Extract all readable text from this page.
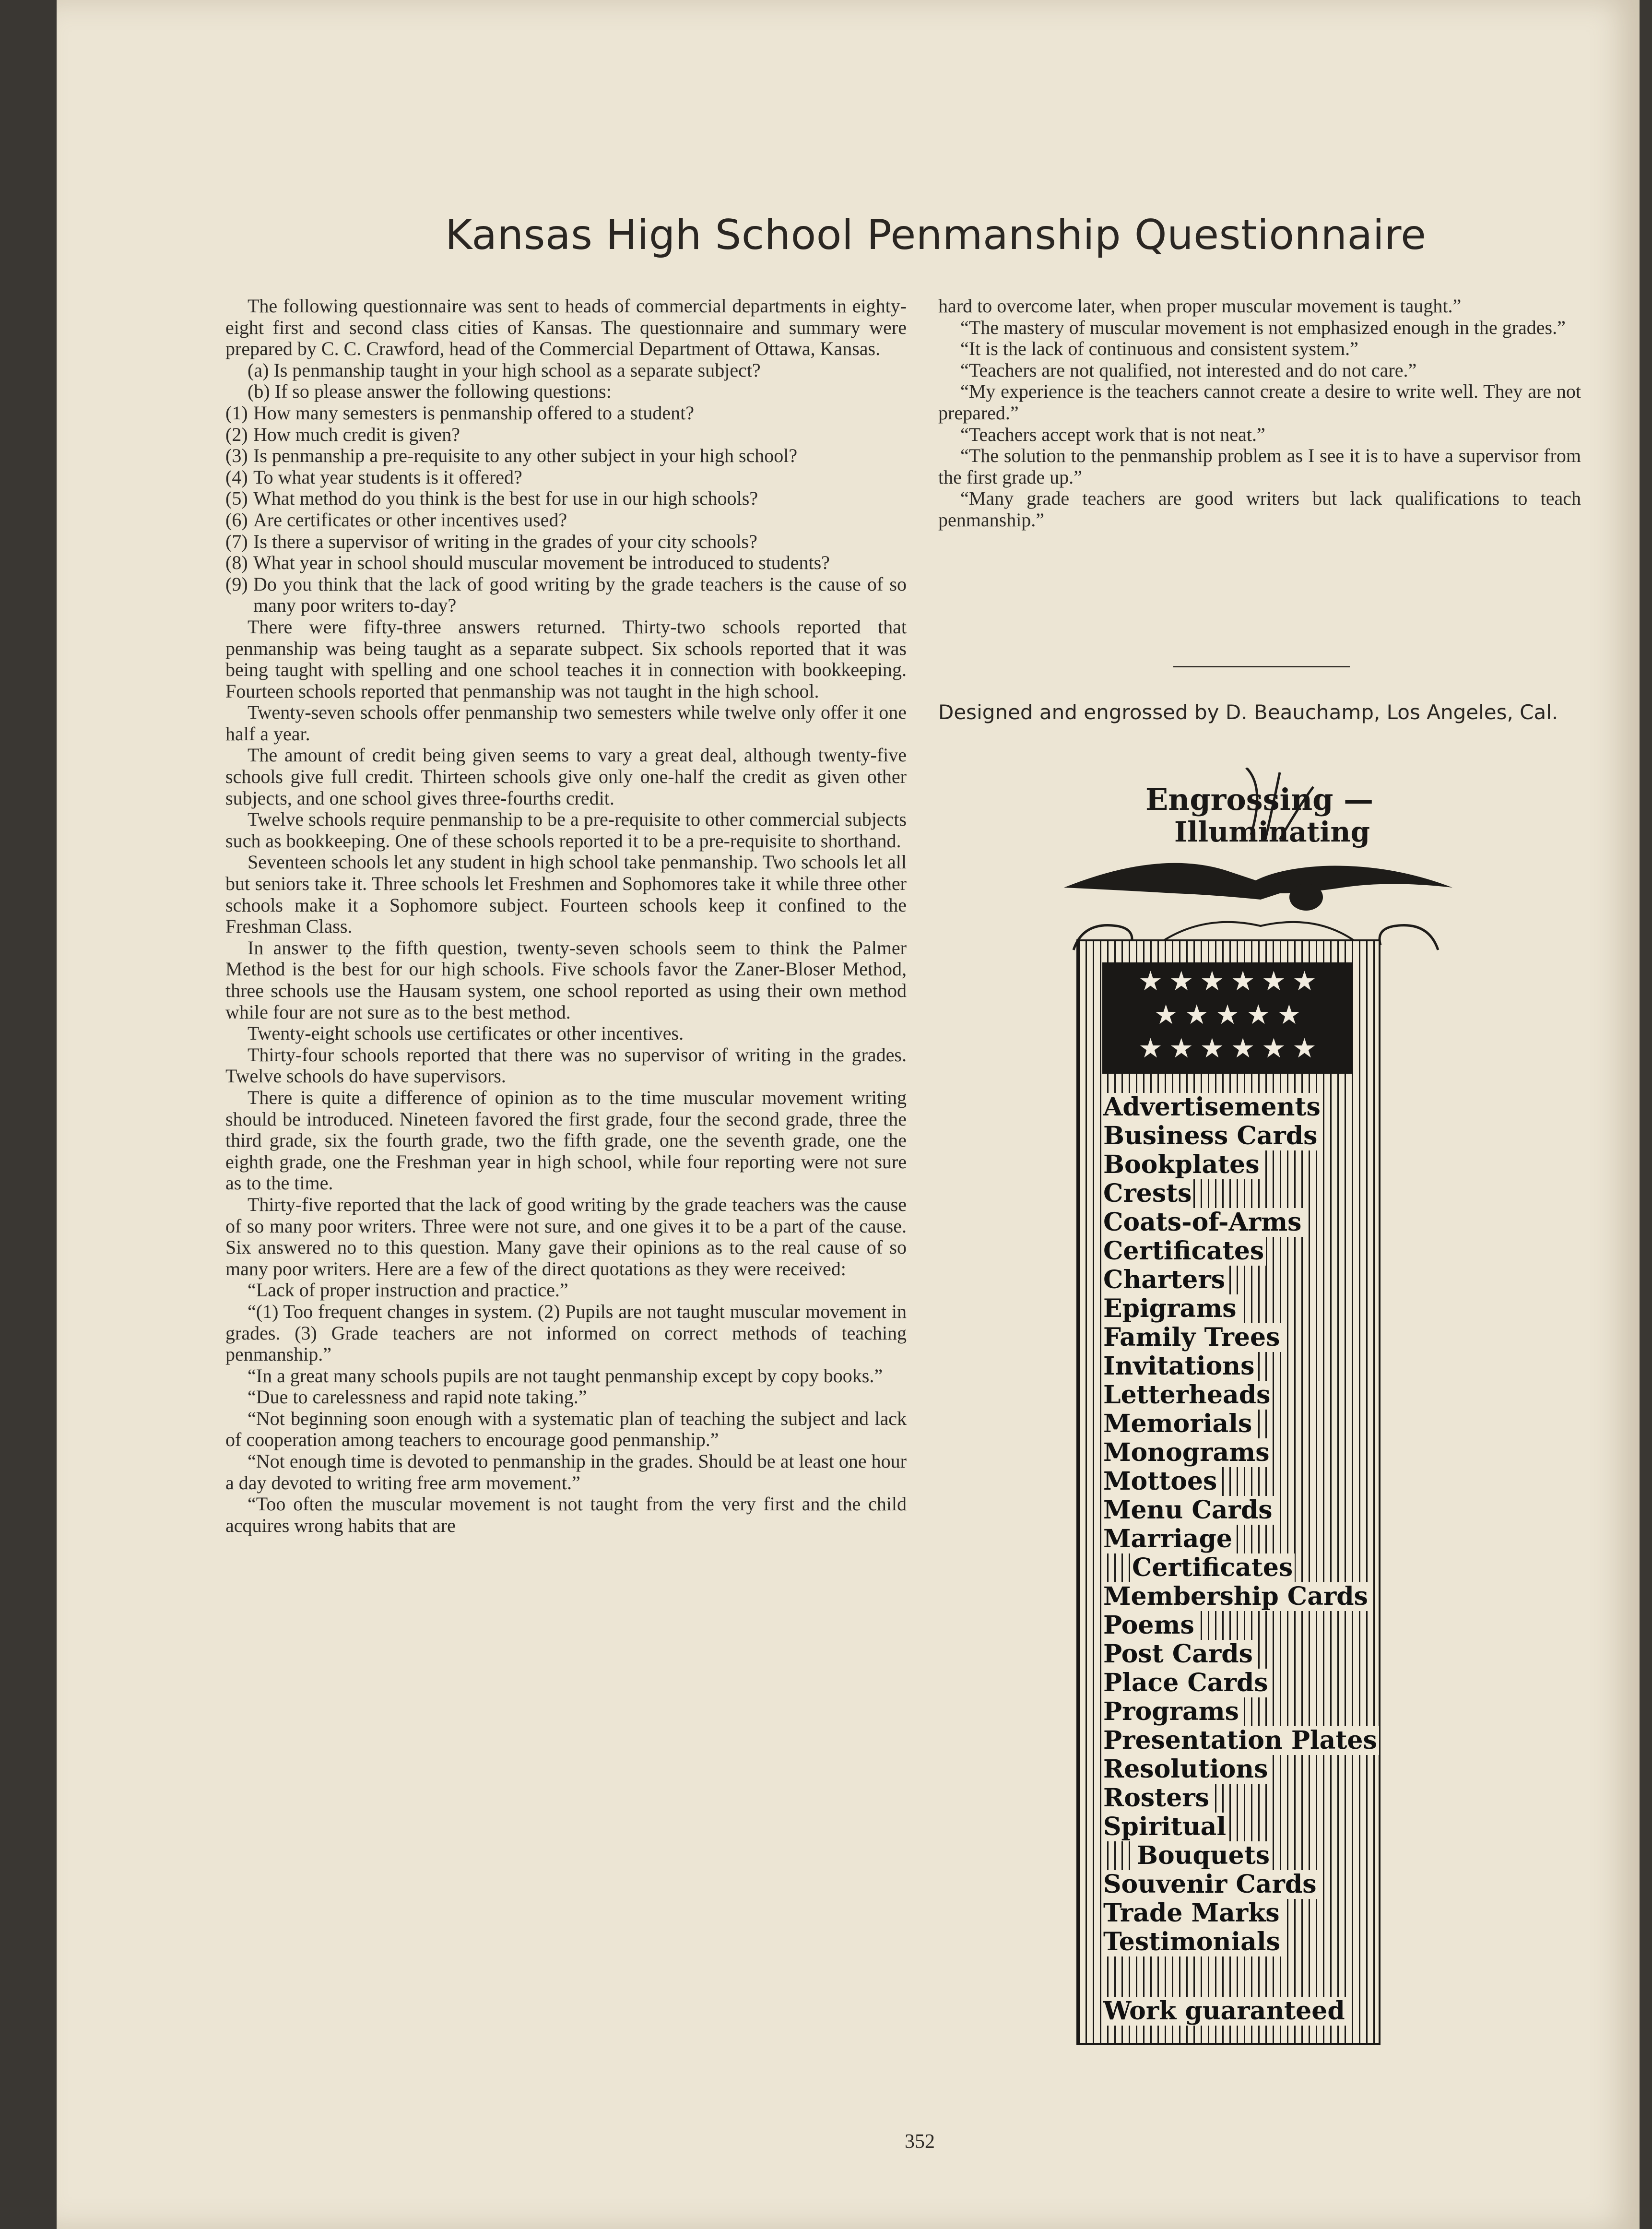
Kansas High School Penmanship Questionnaire

The following questionnaire was sent to heads of commercial departments in eighty-eight first and second class cities of Kansas. The questionnaire and summary were prepared by C. C. Crawford, head of the Commercial Department of Ottawa, Kansas.

(a) Is penmanship taught in your high school as a separate subject?

(b) If so please answer the following questions:

(1) How many semesters is penmanship offered to a student?

(2) How much credit is given?

(3) Is penmanship a pre-requisite to any other subject in your high school?

(4) To what year students is it offered?

(5) What method do you think is the best for use in our high schools?

(6) Are certificates or other incentives used?

(7) Is there a supervisor of writing in the grades of your city schools?

(8) What year in school should muscular movement be introduced to students?

(9) Do you think that the lack of good writing by the grade teachers is the cause of so many poor writers to-day?

There were fifty-three answers returned. Thirty-two schools reported that penmanship was being taught as a separate subpect. Six schools reported that it was being taught with spelling and one school teaches it in connection with bookkeeping. Fourteen schools reported that penmanship was not taught in the high school.

Twenty-seven schools offer penmanship two semesters while twelve only offer it one half a year.

The amount of credit being given seems to vary a great deal, although twenty-five schools give full credit. Thirteen schools give only one-half the credit as given other subjects, and one school gives three-fourths credit.

Twelve schools require penmanship to be a pre-requisite to other commercial subjects such as bookkeeping. One of these schools reported it to be a pre-requisite to shorthand.

Seventeen schools let any student in high school take penmanship. Two schools let all but seniors take it. Three schools let Freshmen and Sophomores take it while three other schools make it a Sophomore subject. Fourteen schools keep it confined to the Freshman Class.

In answer tọ the fifth question, twenty-seven schools seem to think the Palmer Method is the best for our high schools. Five schools favor the Zaner-Bloser Method, three schools use the Hausam system, one school reported as using their own method while four are not sure as to the best method.

Twenty-eight schools use certificates or other incentives.

Thirty-four schools reported that there was no supervisor of writing in the grades. Twelve schools do have supervisors.

There is quite a difference of opinion as to the time muscular movement writing should be introduced. Nineteen favored the first grade, four the second grade, three the third grade, six the fourth grade, two the fifth grade, one the seventh grade, one the eighth grade, one the Freshman year in high school, while four reporting were not sure as to the time.

Thirty-five reported that the lack of good writing by the grade teachers was the cause of so many poor writers. Three were not sure, and one gives it to be a part of the cause. Six answered no to this question. Many gave their opinions as to the real cause of so many poor writers. Here are a few of the direct quotations as they were received:

“Lack of proper instruction and practice.”

“(1) Too frequent changes in system. (2) Pupils are not taught muscular movement in grades. (3) Grade teachers are not informed on correct methods of teaching penmanship.”

“In a great many schools pupils are not taught penmanship except by copy books.”

“Due to carelessness and rapid note taking.”

“Not beginning soon enough with a systematic plan of teaching the subject and lack of cooperation among teachers to encourage good penmanship.”

“Not enough time is devoted to penmanship in the grades. Should be at least one hour a day devoted to writing free arm movement.”

“Too often the muscular movement is not taught from the very first and the child acquires wrong habits that are

hard to overcome later, when proper muscular movement is taught.”

“The mastery of muscular movement is not emphasized enough in the grades.”

“It is the lack of continuous and consistent system.”

“Teachers are not qualified, not interested and do not care.”

“My experience is the teachers cannot create a desire to write well. They are not prepared.”

“Teachers accept work that is not neat.”

“The solution to the penmanship problem as I see it is to have a supervisor from the first grade up.”

“Many grade teachers are good writers but lack qualifications to teach penmanship.”

Designed and engrossed by D. Beauchamp, Los Angeles, Cal.
Engrossing —
Illuminating
★ ★ ★ ★ ★ ★
★ ★ ★ ★ ★
★ ★ ★ ★ ★ ★
Advertisements
Business Cards
Bookplates
Crests
Coats-of-Arms
Certificates
Charters
Epigrams
Family Trees
Invitations
Letterheads
Memorials
Monograms
Mottoes
Menu Cards
Marriage
Certificates
Membership Cards
Poems
Post Cards
Place Cards
Programs
Presentation Plates
Resolutions
Rosters
Spiritual
Bouquets
Souvenir Cards
Trade Marks
Testimonials
Work guaranteed
352
